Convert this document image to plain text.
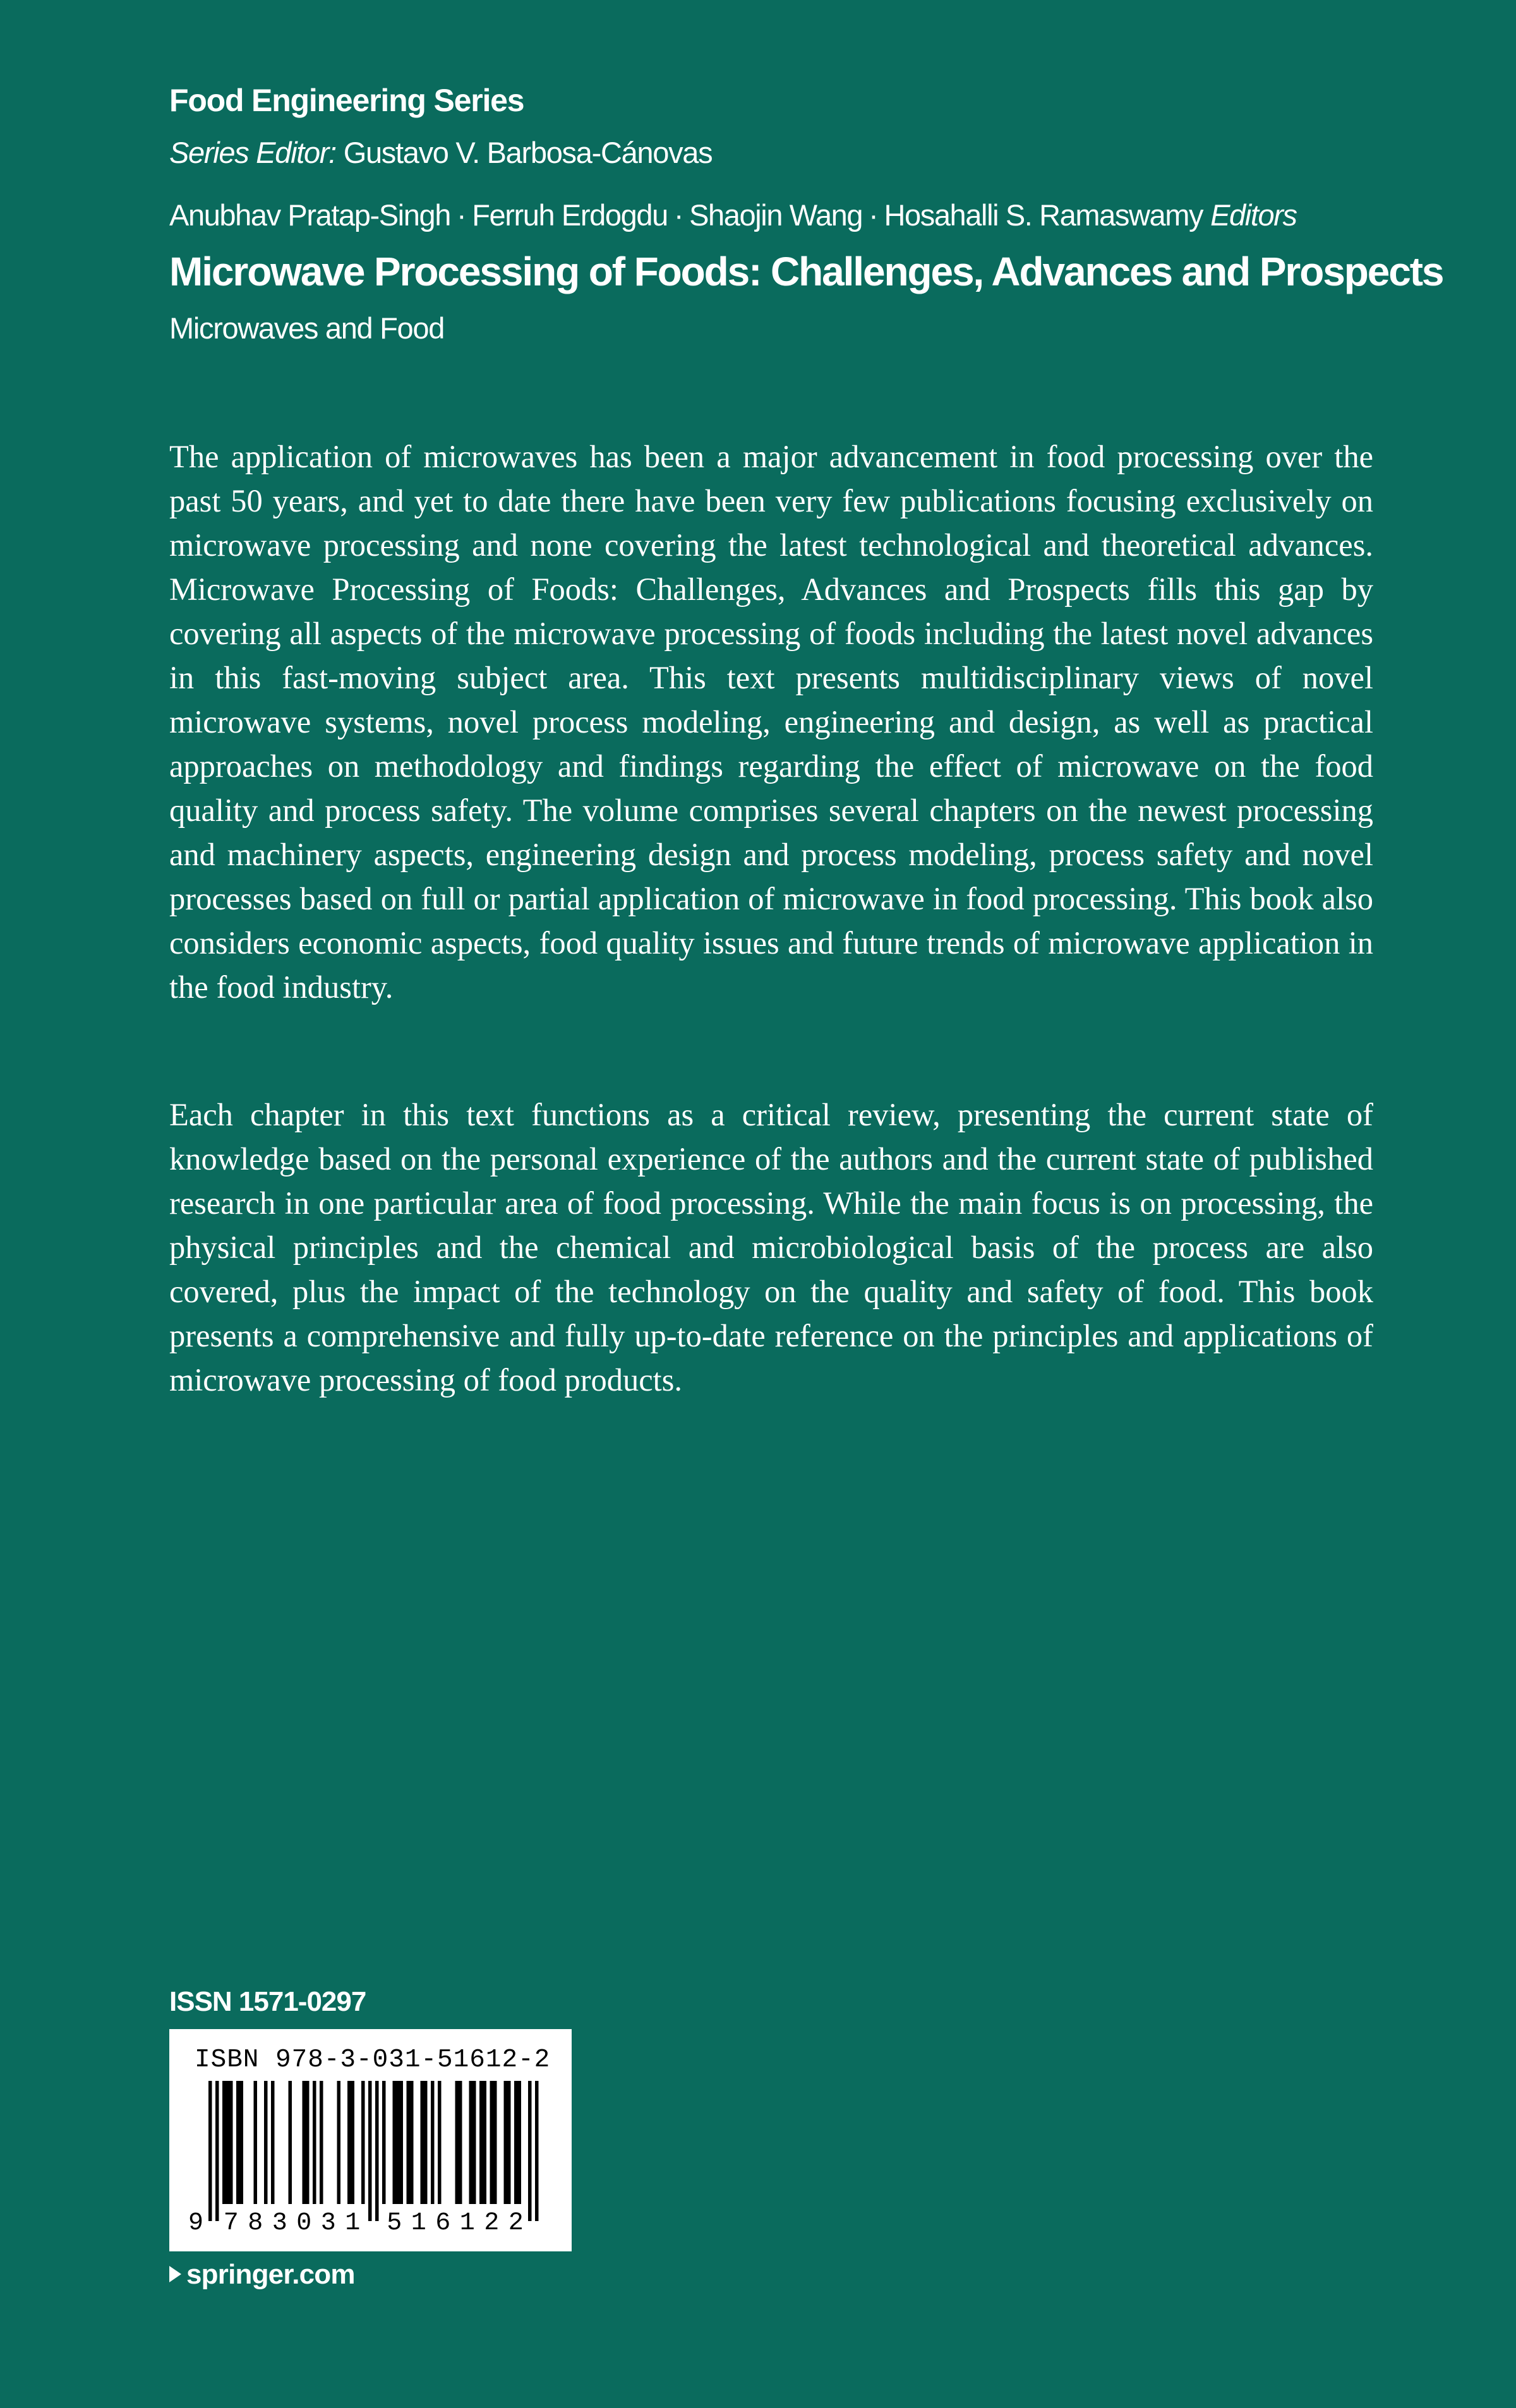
Food Engineering Series
Series Editor: Gustavo V. Barbosa-Cánovas
Anubhav Pratap-Singh · Ferruh Erdogdu · Shaojin Wang · Hosahalli S. Ramaswamy Editors
Microwave Processing of Foods: Challenges, Advances and Prospects
Microwaves and Food

The application of microwaves has been a major advancement in food processing over the past 50 years, and yet to date there have been very few publications focusing exclusively on microwave processing and none covering the latest technological and theoretical advances. Microwave Processing of Foods: Challenges, Advances and Prospects fills this gap by covering all aspects of the microwave processing of foods including the latest novel advances in this fast-moving subject area. This text presents multidisciplinary views of novel microwave systems, novel process modeling, engineering and design, as well as practical approaches on methodology and findings regarding the effect of microwave on the food quality and process safety. The volume comprises several chapters on the newest processing and machinery aspects, engineering design and process modeling, process safety and novel processes based on full or partial application of microwave in food processing. This book also considers economic aspects, food quality issues and future trends of microwave application in the food industry.

Each chapter in this text functions as a critical review, presenting the current state of knowledge based on the personal experience of the authors and the current state of published research in one particular area of food processing. While the main focus is on processing, the physical principles and the chemical and microbiological basis of the process are also covered, plus the impact of the technology on the quality and safety of food. This book presents a comprehensive and fully up-to-date reference on the principles and applications of microwave processing of food products.

ISSN 1571-0297
9 7 8 3 0 3 1 5 1 6 1 2 2
ISBN 978-3-031-51612-2
springer.com
